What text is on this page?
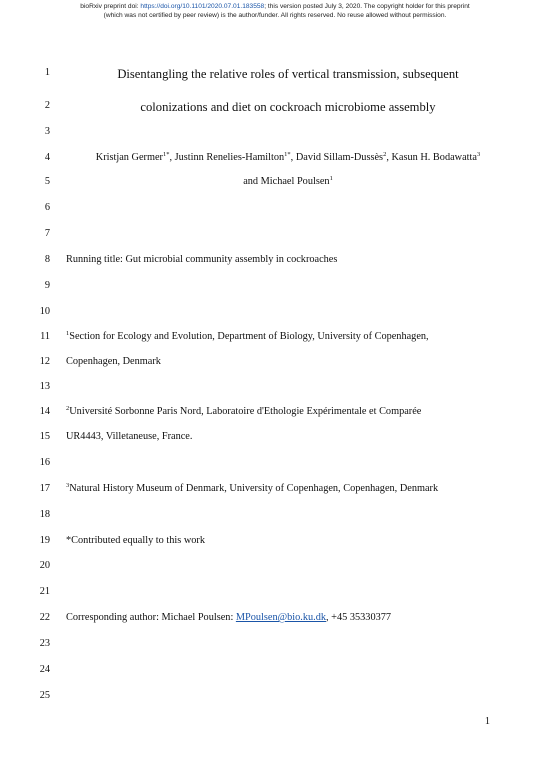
bioRxiv preprint doi: https://doi.org/10.1101/2020.07.01.183558; this version posted July 3, 2020. The copyright holder for this preprint
(which was not certified by peer review) is the author/funder. All rights reserved. No reuse allowed without permission.
1
2
3
4
5
6
7
8
9
10
11
12
13
14
15
16
17
18
19
20
21
22
23
24
25
Disentangling the relative roles of vertical transmission, subsequent
colonizations and diet on cockroach microbiome assembly
Kristjan Germer$^{1*}$, Justinn Renelies-Hamilton$^{1*}$, David Sillam-Dussès$^2$, Kasun H. Bodawatta$^3$
and Michael Poulsen$^1$
Running title: Gut microbial community assembly in cockroaches
$^1$Section for Ecology and Evolution, Department of Biology, University of Copenhagen,
Copenhagen, Denmark
$^2$Université Sorbonne Paris Nord, Laboratoire d'Ethologie Expérimentale et Comparée
UR4443, Villetaneuse, France.
$^3$Natural History Museum of Denmark, University of Copenhagen, Copenhagen, Denmark
*Contributed equally to this work
Corresponding author: Michael Poulsen: MPoulsen@bio.ku.dk, +45 35330377
1
